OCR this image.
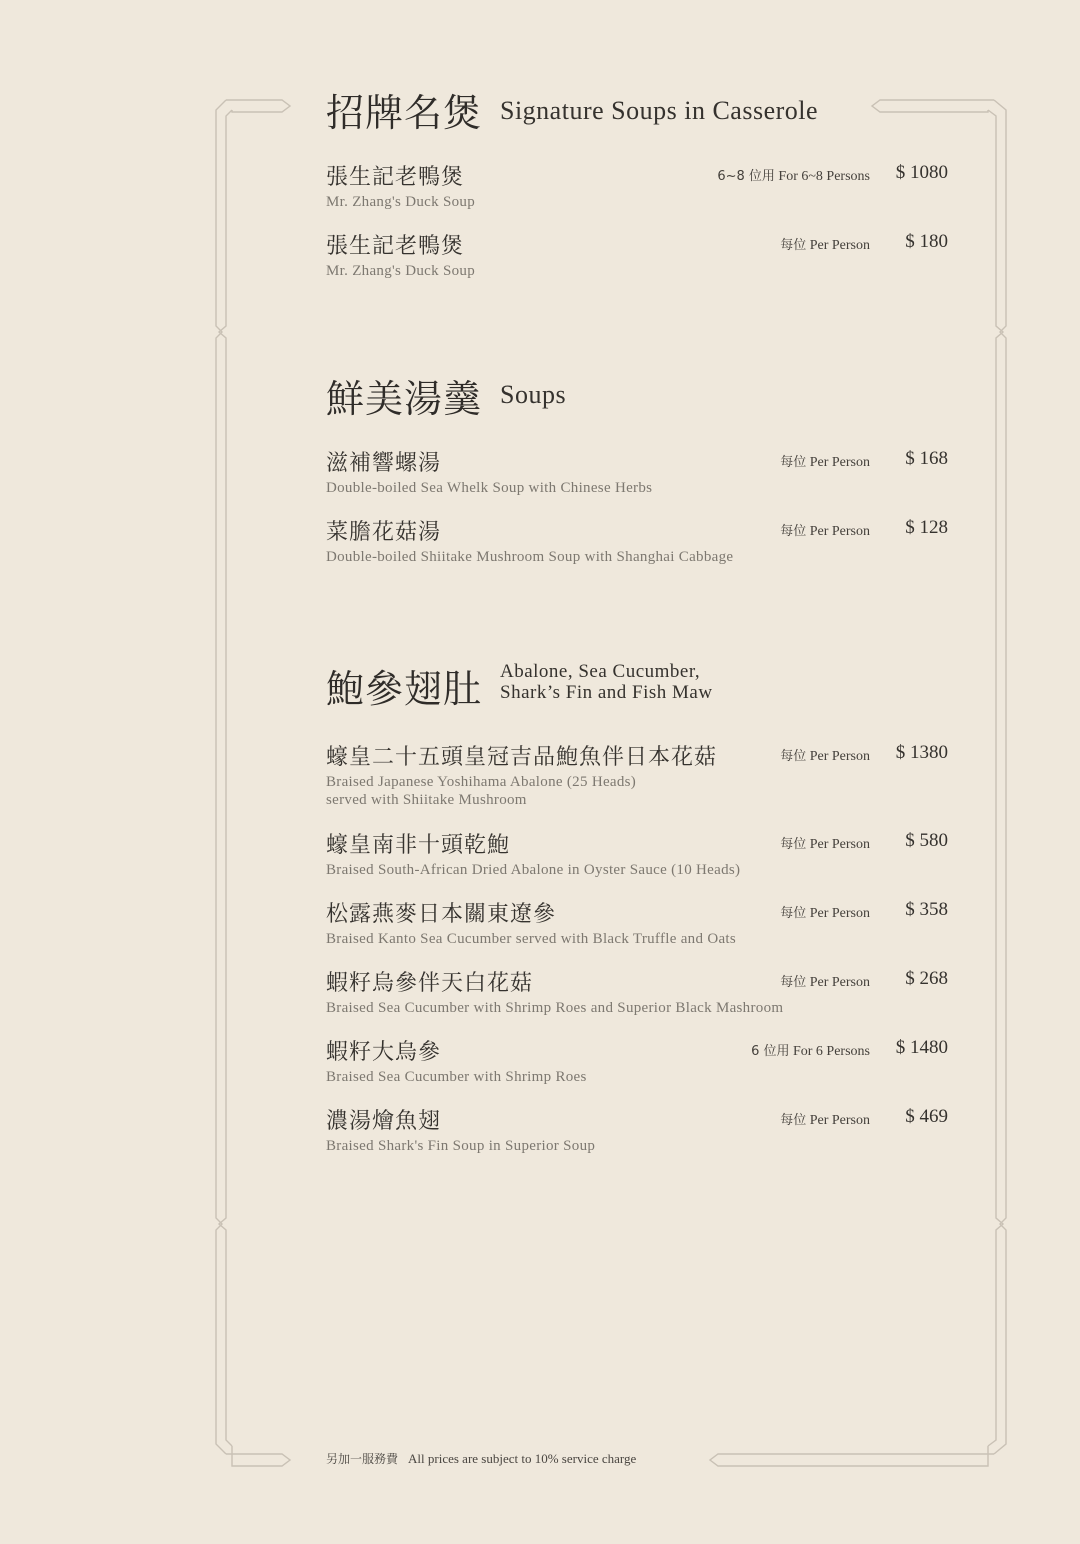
招牌名煲 Signature Soups in Casserole
張生記老鴨煲
Mr. Zhang's Duck Soup
6~8 位用 For 6~8 Persons $ 1080
張生記老鴨煲
Mr. Zhang's Duck Soup
每位 Per Person $ 180
鮮美湯羹 Soups
滋補響螺湯
Double-boiled Sea Whelk Soup with Chinese Herbs
每位 Per Person $ 168
菜膽花菇湯
Double-boiled Shiitake Mushroom Soup with Shanghai Cabbage
每位 Per Person $ 128
鮑參翅肚 Abalone, Sea Cucumber,
Shark’s Fin and Fish Maw
蠔皇二十五頭皇冠吉品鮑魚伴日本花菇
Braised Japanese Yoshihama Abalone (25 Heads)
served with Shiitake Mushroom
每位 Per Person $ 1380
蠔皇南非十頭乾鮑
Braised South-African Dried Abalone in Oyster Sauce (10 Heads)
每位 Per Person $ 580
松露燕麥日本關東遼參
Braised Kanto Sea Cucumber served with Black Truffle and Oats
每位 Per Person $ 358
蝦籽烏參伴天白花菇
Braised Sea Cucumber with Shrimp Roes and Superior Black Mashroom
每位 Per Person $ 268
蝦籽大烏參
Braised Sea Cucumber with Shrimp Roes
6 位用 For 6 Persons $ 1480
濃湯燴魚翅
Braised Shark's Fin Soup in Superior Soup
每位 Per Person $ 469
另加一服務費 All prices are subject to 10% service charge
